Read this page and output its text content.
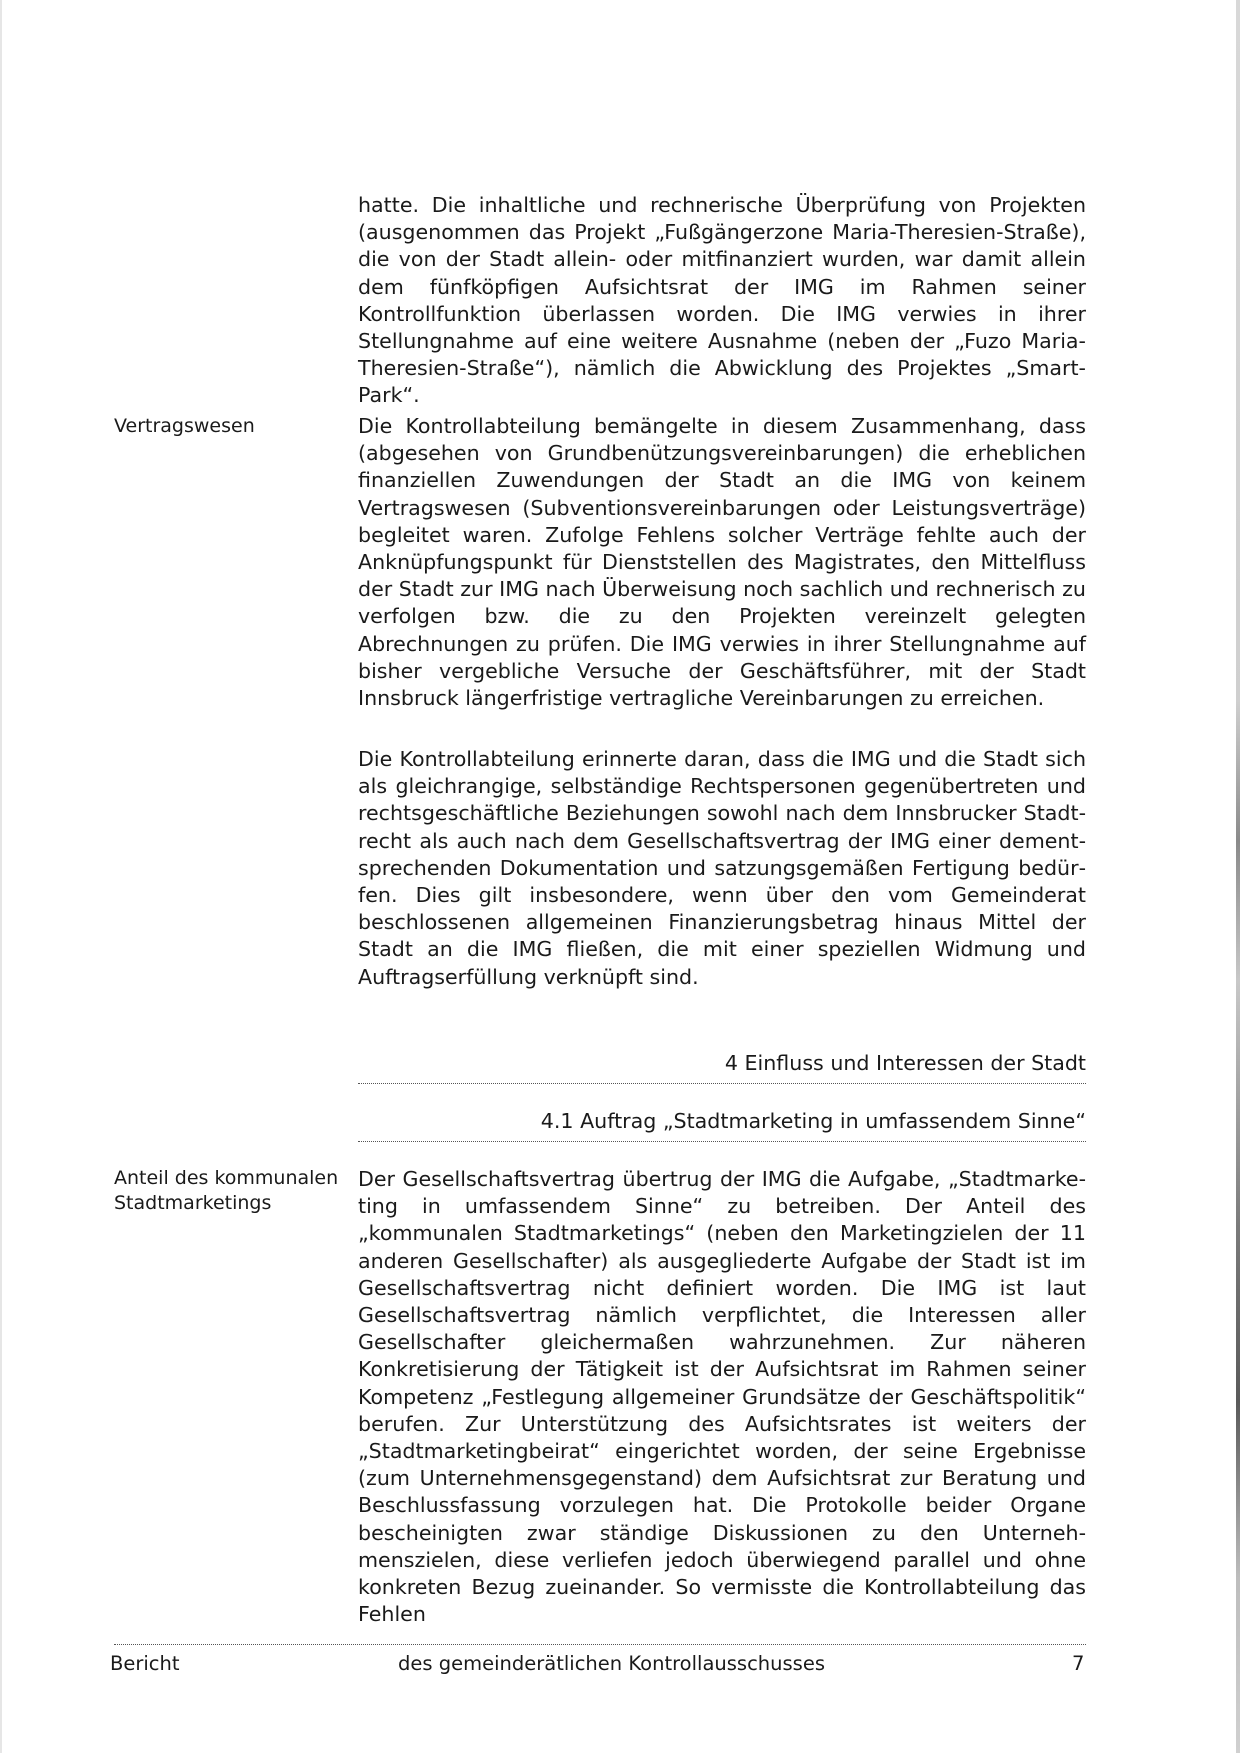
hatte. Die inhaltliche und rechnerische Überprüfung von Projekten (ausgenommen das Projekt „Fußgängerzone Maria-Theresien-Straße), die von der Stadt allein- oder mitfinanziert wurden, war damit allein dem fünfköpfigen Aufsichtsrat der IMG im Rahmen seiner Kontrollfunktion überlassen worden. Die IMG verwies in ihrer Stellungnahme auf eine weitere Ausnahme (neben der „Fuzo Maria-Theresien-Straße“), nämlich die Abwicklung des Projektes „Smart-Park“.

Vertragswesen	Die Kontrollabteilung bemängelte in diesem Zusammenhang, dass (abgesehen von Grundbenützungsvereinbarungen) die erheblichen finanziellen Zuwendungen der Stadt an die IMG von keinem Vertragswesen (Subventionsvereinbarungen oder Leistungsverträge) begleitet waren. Zufolge Fehlens solcher Verträge fehlte auch der Anknüpfungspunkt für Dienststellen des Magistrates, den Mittelfluss der Stadt zur IMG nach Überweisung noch sachlich und rechnerisch zu verfolgen bzw. die zu den Projekten vereinzelt gelegten Abrechnungen zu prüfen. Die IMG verwies in ihrer Stellungnahme auf bisher vergebliche Versuche der Geschäftsführer, mit der Stadt Innsbruck längerfristige vertragliche Vereinbarungen zu erreichen.

Die Kontrollabteilung erinnerte daran, dass die IMG und die Stadt sich als gleichrangige, selbständige Rechtspersonen gegenübertreten und rechtsgeschäftliche Beziehungen sowohl nach dem Innsbrucker Stadtrecht als auch nach dem Gesellschaftsvertrag der IMG einer dementsprechenden Dokumentation und satzungsgemäßen Fertigung bedürfen. Dies gilt insbesondere, wenn über den vom Gemeinderat beschlossenen allgemeinen Finanzierungsbetrag hinaus Mittel der Stadt an die IMG fließen, die mit einer speziellen Widmung und Auftragserfüllung verknüpft sind.

4 Einfluss und Interessen der Stadt
4.1 Auftrag „Stadtmarketing in umfassendem Sinne“
Anteil des kommunalen
Stadtmarketings

Der Gesellschaftsvertrag übertrug der IMG die Aufgabe, „Stadtmarketing in umfassendem Sinne“ zu betreiben. Der Anteil des „kommunalen Stadtmarketings“ (neben den Marketingzielen der 11 anderen Gesellschafter) als ausgegliederte Aufgabe der Stadt ist im Gesellschaftsvertrag nicht definiert worden. Die IMG ist laut Gesellschaftsvertrag nämlich verpflichtet, die Interessen aller Gesellschafter gleichermaßen wahrzunehmen. Zur näheren Konkretisierung der Tätigkeit ist der Aufsichtsrat im Rahmen seiner Kompetenz „Festlegung allgemeiner Grundsätze der Geschäftspolitik“ berufen. Zur Unterstützung des Aufsichtsrates ist weiters der „Stadtmarketingbeirat“ eingerichtet worden, der seine Ergebnisse (zum Unternehmensgegenstand) dem Aufsichtsrat zur Beratung und Beschlussfassung vorzulegen hat. Die Protokolle beider Organe bescheinigten zwar ständige Diskussionen zu den Unternehmenszielen, diese verliefen jedoch überwiegend parallel und ohne konkreten Bezug zueinander. So vermisste die Kontrollabteilung das Fehlen

Bericht	des gemeinderätlichen Kontrollausschusses	7
